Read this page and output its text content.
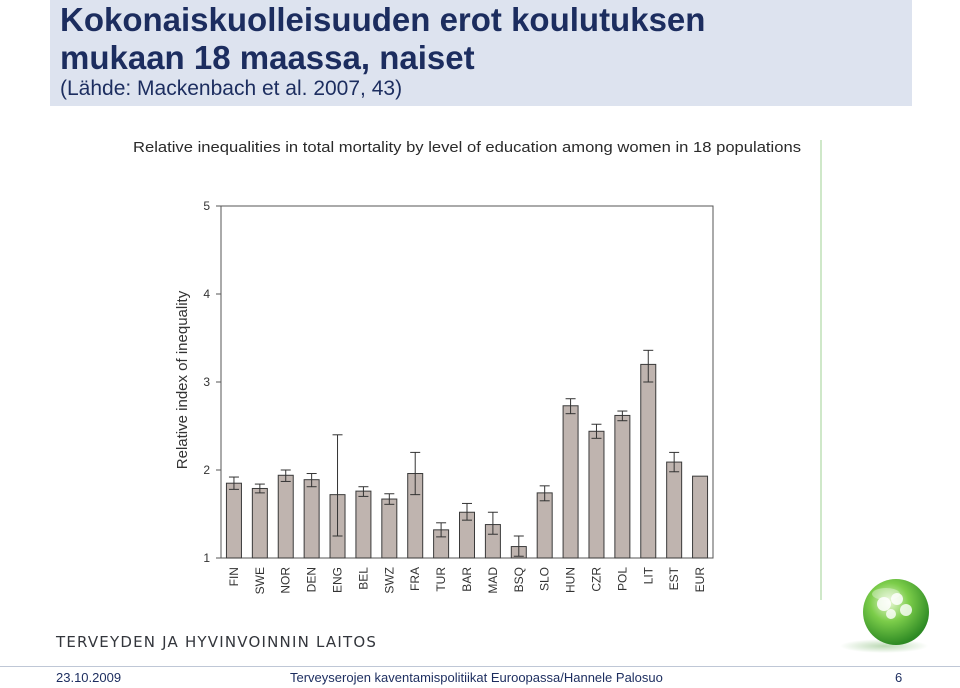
Kokonaiskuolleisuuden erot koulutuksen
mukaan 18 maassa, naiset

(Lähde: Mackenbach et al. 2007, 43)

Relative inequalities in total mortality by level of education among women in 18 populations
Relative index of inequality
1
2
3
4
5
FIN SWE NOR DEN ENG BEL SWZ FRA TUR BAR MAD BSQ SLO HUN CZR POL LIT EST EUR

TERVEYDEN JA HYVINVOINNIN LAITOS

23.10.2009	Terveyserojen kaventamispolitiikat Euroopassa/Hannele Palosuo	6
